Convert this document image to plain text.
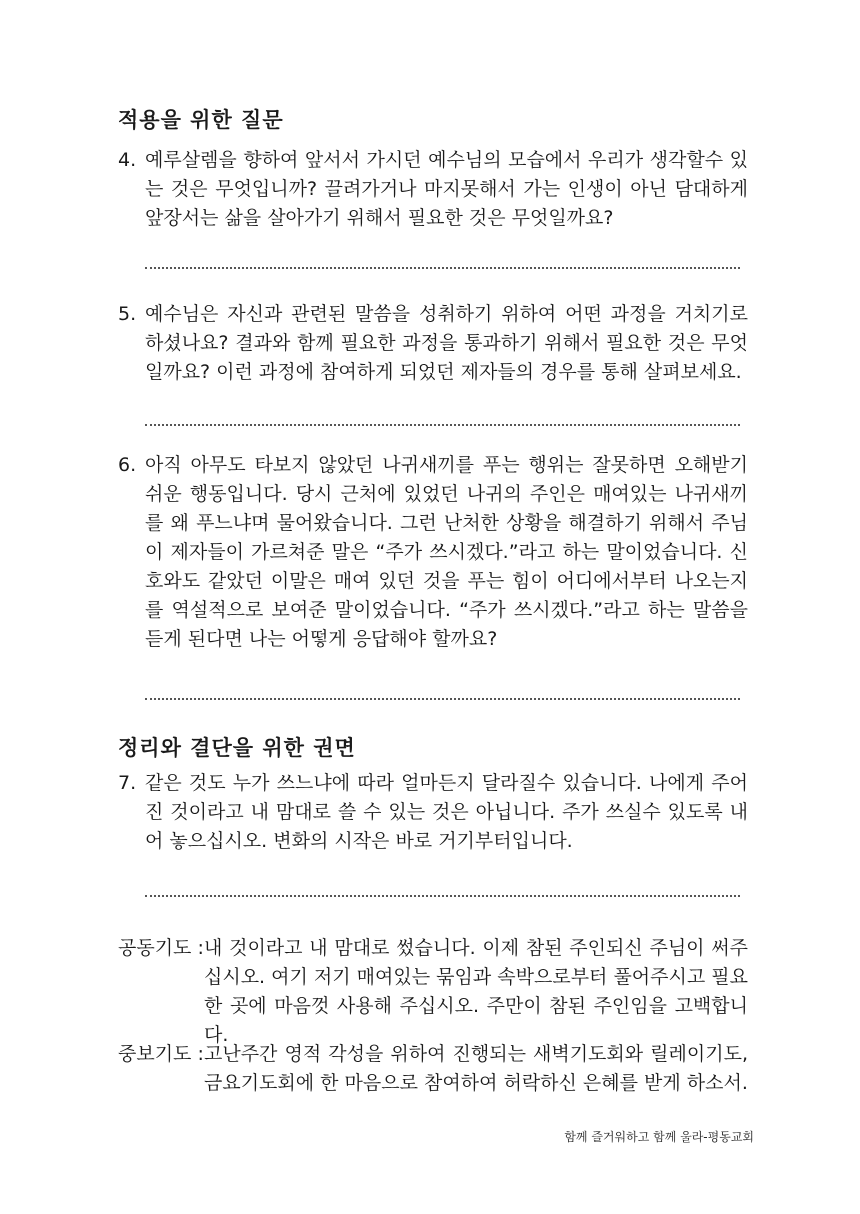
적용을 위한 질문
4. 예루살렘을 향하여 앞서서 가시던 예수님의 모습에서 우리가 생각할수 있는 것은 무엇입니까? 끌려가거나 마지못해서 가는 인생이 아닌 담대하게 앞장서는 삶을 살아가기 위해서 필요한 것은 무엇일까요?
5. 예수님은 자신과 관련된 말씀을 성취하기 위하여 어떤 과정을 거치기로 하셨나요? 결과와 함께 필요한 과정을 통과하기 위해서 필요한 것은 무엇일까요? 이런 과정에 참여하게 되었던 제자들의 경우를 통해 살펴보세요.
6. 아직 아무도 타보지 않았던 나귀새끼를 푸는 행위는 잘못하면 오해받기 쉬운 행동입니다. 당시 근처에 있었던 나귀의 주인은 매여있는 나귀새끼를 왜 푸느냐며 물어왔습니다. 그런 난처한 상황을 해결하기 위해서 주님이 제자들이 가르쳐준 말은 “주가 쓰시겠다.”라고 하는 말이었습니다. 신호와도 같았던 이말은 매여 있던 것을 푸는 힘이 어디에서부터 나오는지를 역설적으로 보여준 말이었습니다. “주가 쓰시겠다.”라고 하는 말씀을 듣게 된다면 나는 어떻게 응답해야 할까요?
정리와 결단을 위한 권면
7. 같은 것도 누가 쓰느냐에 따라 얼마든지 달라질수 있습니다. 나에게 주어진 것이라고 내 맘대로 쓸 수 있는 것은 아닙니다. 주가 쓰실수 있도록 내어 놓으십시오. 변화의 시작은 바로 거기부터입니다.
공동기도 : 내 것이라고 내 맘대로 썼습니다. 이제 참된 주인되신 주님이 써주십시오. 여기 저기 매여있는 묶임과 속박으로부터 풀어주시고 필요한 곳에 마음껏 사용해 주십시오. 주만이 참된 주인임을 고백합니다.
중보기도 : 고난주간 영적 각성을 위하여 진행되는 새벽기도회와 릴레이기도, 금요기도회에 한 마음으로 참여하여 허락하신 은혜를 받게 하소서.
함께 즐거워하고 함께 울라-평동교회
